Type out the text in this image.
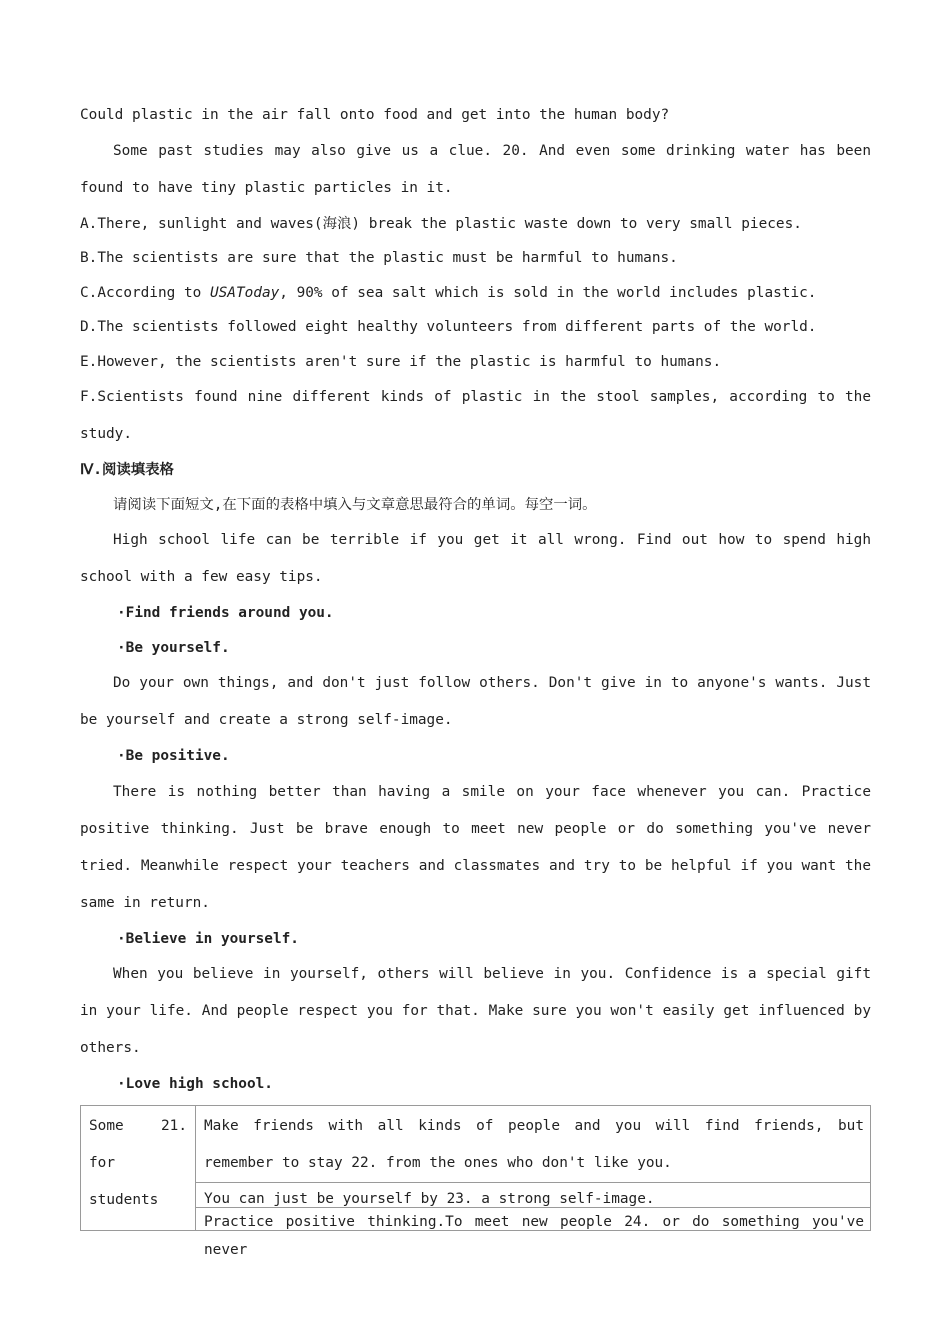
Could plastic in the air fall onto food and get into the human body?

Some past studies may also give us a clue. 20. And even some drinking water has been found to have tiny plastic particles in it.

A.There, sunlight and waves(海浪) break the plastic waste down to very small pieces.

B.The scientists are sure that the plastic must be harmful to humans.

C.According to USAToday, 90% of sea salt which is sold in the world includes plastic.

D.The scientists followed eight healthy volunteers from different parts of the world.

E.However, the scientists aren't sure if the plastic is harmful to humans.

F.Scientists found nine different kinds of plastic in the stool samples, according to the study.

Ⅳ.阅读填表格

请阅读下面短文,在下面的表格中填入与文章意思最符合的单词。每空一词。

High school life can be terrible if you get it all wrong. Find out how to spend high school with a few easy tips.

·Find friends around you.

·Be yourself.

Do your own things, and don't just follow others. Don't give in to anyone's wants. Just be yourself and create a strong self-image.

·Be positive.

There is nothing better than having a smile on your face whenever you can. Practice positive thinking. Just be brave enough to meet new people or do something you've never tried. Meanwhile respect your teachers and classmates and try to be helpful if you want the same in return.

·Believe in yourself.

When you believe in yourself, others will believe in you. Confidence is a special gift in your life. And people respect you for that. Make sure you won't easily get influenced by others.

·Love high school.

Some 21. for students	Make friends with all kinds of people and you will find friends, but remember to stay 22. from the ones who don't like you.

You can just be yourself by 23. a strong self-image.

Practice positive thinking.To meet new people 24. or do something you've never
